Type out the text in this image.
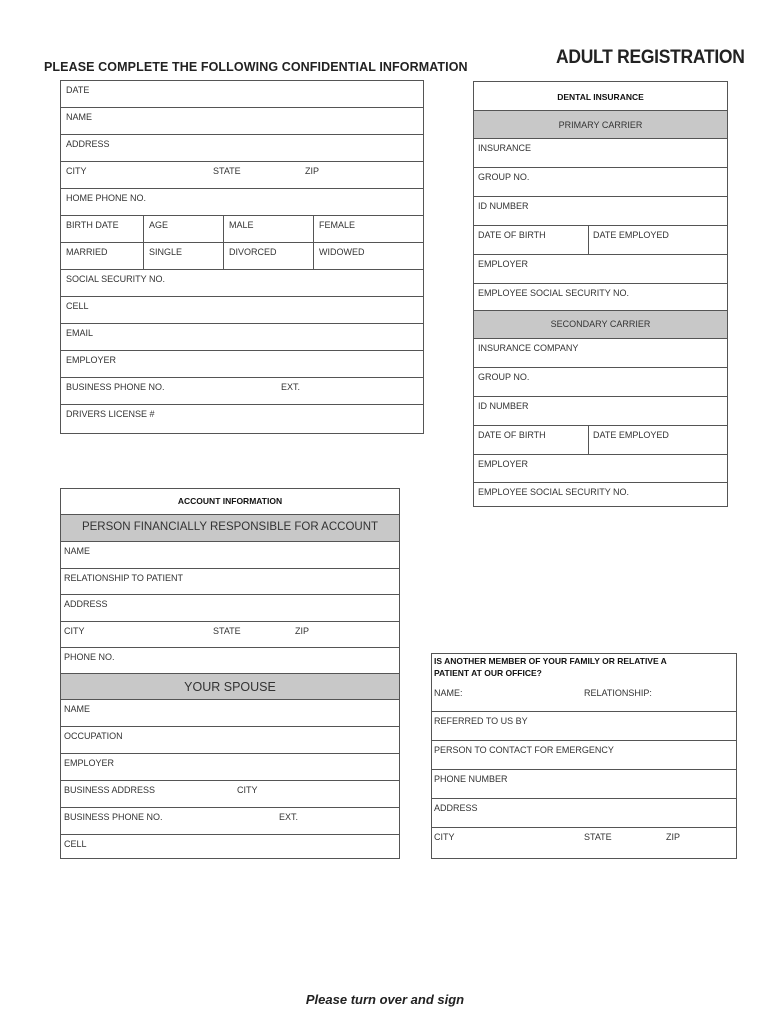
PLEASE COMPLETE THE FOLLOWING CONFIDENTIAL INFORMATION	ADULT REGISTRATION
DATE
NAME
ADDRESS
CITY	STATE	ZIP
HOME PHONE NO.
BIRTH DATE	AGE	MALE	FEMALE
MARRIED	SINGLE	DIVORCED	WIDOWED
SOCIAL SECURITY NO.
CELL
EMAIL
EMPLOYER
BUSINESS PHONE NO.	EXT.
DRIVERS LICENSE #
DENTAL INSURANCE
PRIMARY CARRIER
INSURANCE
GROUP NO.
ID NUMBER
DATE OF BIRTH	DATE EMPLOYED
EMPLOYER
EMPLOYEE SOCIAL SECURITY NO.
SECONDARY CARRIER
INSURANCE COMPANY
GROUP NO.
ID NUMBER
DATE OF BIRTH	DATE EMPLOYED
EMPLOYER
EMPLOYEE SOCIAL SECURITY NO.
ACCOUNT INFORMATION
PERSON FINANCIALLY RESPONSIBLE FOR ACCOUNT
NAME
RELATIONSHIP TO PATIENT
ADDRESS
CITY	STATE	ZIP
PHONE NO.
YOUR SPOUSE
NAME
OCCUPATION
EMPLOYER
BUSINESS ADDRESS	CITY
BUSINESS PHONE NO.	EXT.
CELL
IS ANOTHER MEMBER OF YOUR FAMILY OR RELATIVE A
PATIENT AT OUR OFFICE?
NAME:	RELATIONSHIP:
REFERRED TO US BY
PERSON TO CONTACT FOR EMERGENCY
PHONE NUMBER
ADDRESS
CITY	STATE	ZIP
Please turn over and sign
